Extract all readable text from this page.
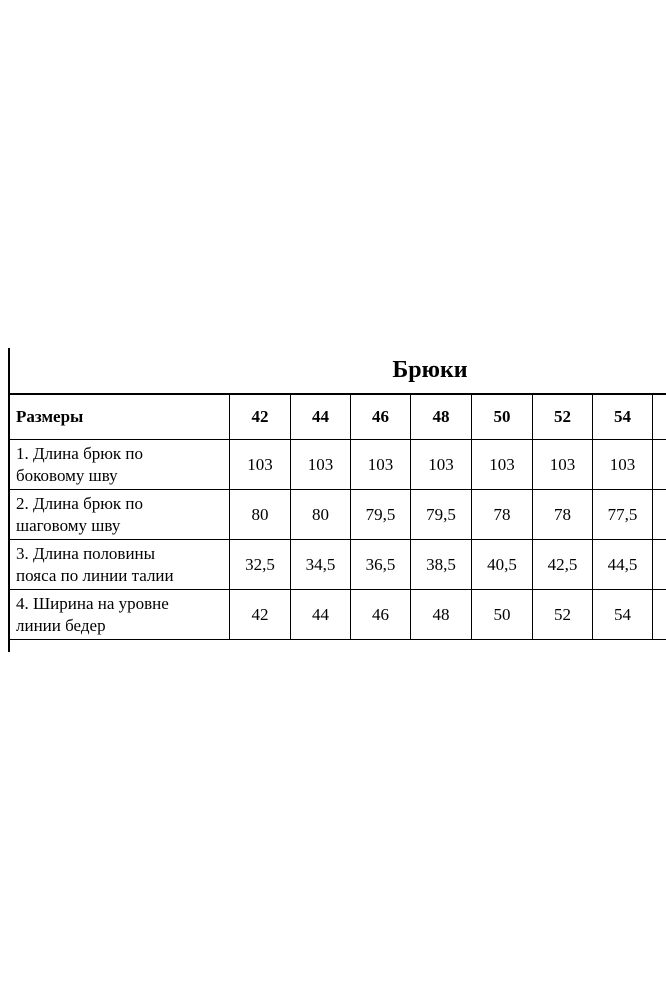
Брюки
Размеры	42	44	46	48	50	52	54	

1. Длина брюк по
боковому шву	103	103	103	103	103	103	103	

2. Длина брюк по
шаговому шву	80	80	79,5	79,5	78	78	77,5	

3. Длина половины
пояса по линии талии	32,5	34,5	36,5	38,5	40,5	42,5	44,5	

4. Ширина на уровне
линии бедер	42	44	46	48	50	52	54	
